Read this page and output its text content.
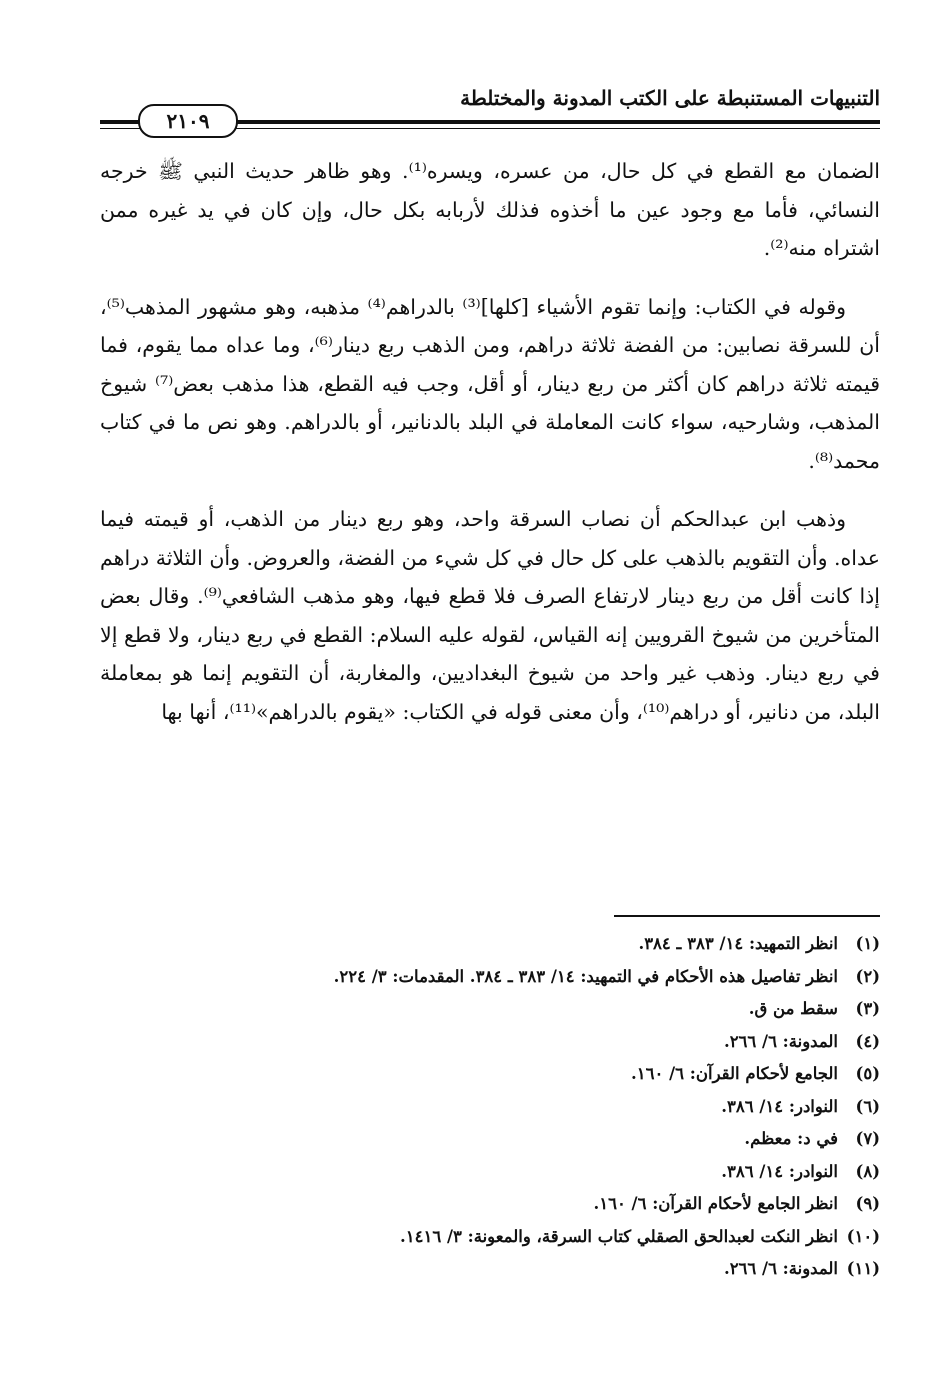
التنبيهات المستنبطة على الكتب المدونة والمختلطة
٢١٠٩

الضمان مع القطع في كل حال، من عسره، ويسره⁽¹⁾. وهو ظاهر حديث النبي ﷺ خرجه النسائي، فأما مع وجود عين ما أخذوه فذلك لأربابه بكل حال، وإن كان في يد غيره ممن اشتراه منه⁽²⁾.

وقوله في الكتاب: وإنما تقوم الأشياء [كلها]⁽³⁾ بالدراهم⁽⁴⁾ مذهبه، وهو مشهور المذهب⁽⁵⁾، أن للسرقة نصابين: من الفضة ثلاثة دراهم، ومن الذهب ربع دينار⁽⁶⁾، وما عداه مما يقوم، فما قيمته ثلاثة دراهم كان أكثر من ربع دينار، أو أقل، وجب فيه القطع، هذا مذهب بعض⁽⁷⁾ شيوخ المذهب، وشارحيه، سواء كانت المعاملة في البلد بالدنانير، أو بالدراهم. وهو نص ما في كتاب محمد⁽⁸⁾.

وذهب ابن عبدالحكم أن نصاب السرقة واحد، وهو ربع دينار من الذهب، أو قيمته فيما عداه. وأن التقويم بالذهب على كل حال في كل شيء من الفضة، والعروض. وأن الثلاثة دراهم إذا كانت أقل من ربع دينار لارتفاع الصرف فلا قطع فيها، وهو مذهب الشافعي⁽⁹⁾. وقال بعض المتأخرين من شيوخ القرويين إنه القياس، لقوله عليه السلام: القطع في ربع دينار، ولا قطع إلا في ربع دينار. وذهب غير واحد من شيوخ البغداديين، والمغاربة، أن التقويم إنما هو بمعاملة البلد، من دنانير، أو دراهم⁽¹⁰⁾، وأن معنى قوله في الكتاب: «يقوم بالدراهم»⁽¹¹⁾، أنها بها

(١)انظر التمهيد: ١٤/ ٣٨٣ ـ ٣٨٤.
(٢)انظر تفاصيل هذه الأحكام في التمهيد: ١٤/ ٣٨٣ ـ ٣٨٤. المقدمات: ٣/ ٢٢٤.
(٣)سقط من ق.
(٤)المدونة: ٦/ ٢٦٦.
(٥)الجامع لأحكام القرآن: ٦/ ١٦٠.
(٦)النوادر: ١٤/ ٣٨٦.
(٧)في د: معظم.
(٨)النوادر: ١٤/ ٣٨٦.
(٩)انظر الجامع لأحكام القرآن: ٦/ ١٦٠.
(١٠)انظر النكت لعبدالحق الصقلي كتاب السرقة، والمعونة: ٣/ ١٤١٦.
(١١)المدونة: ٦/ ٢٦٦.
